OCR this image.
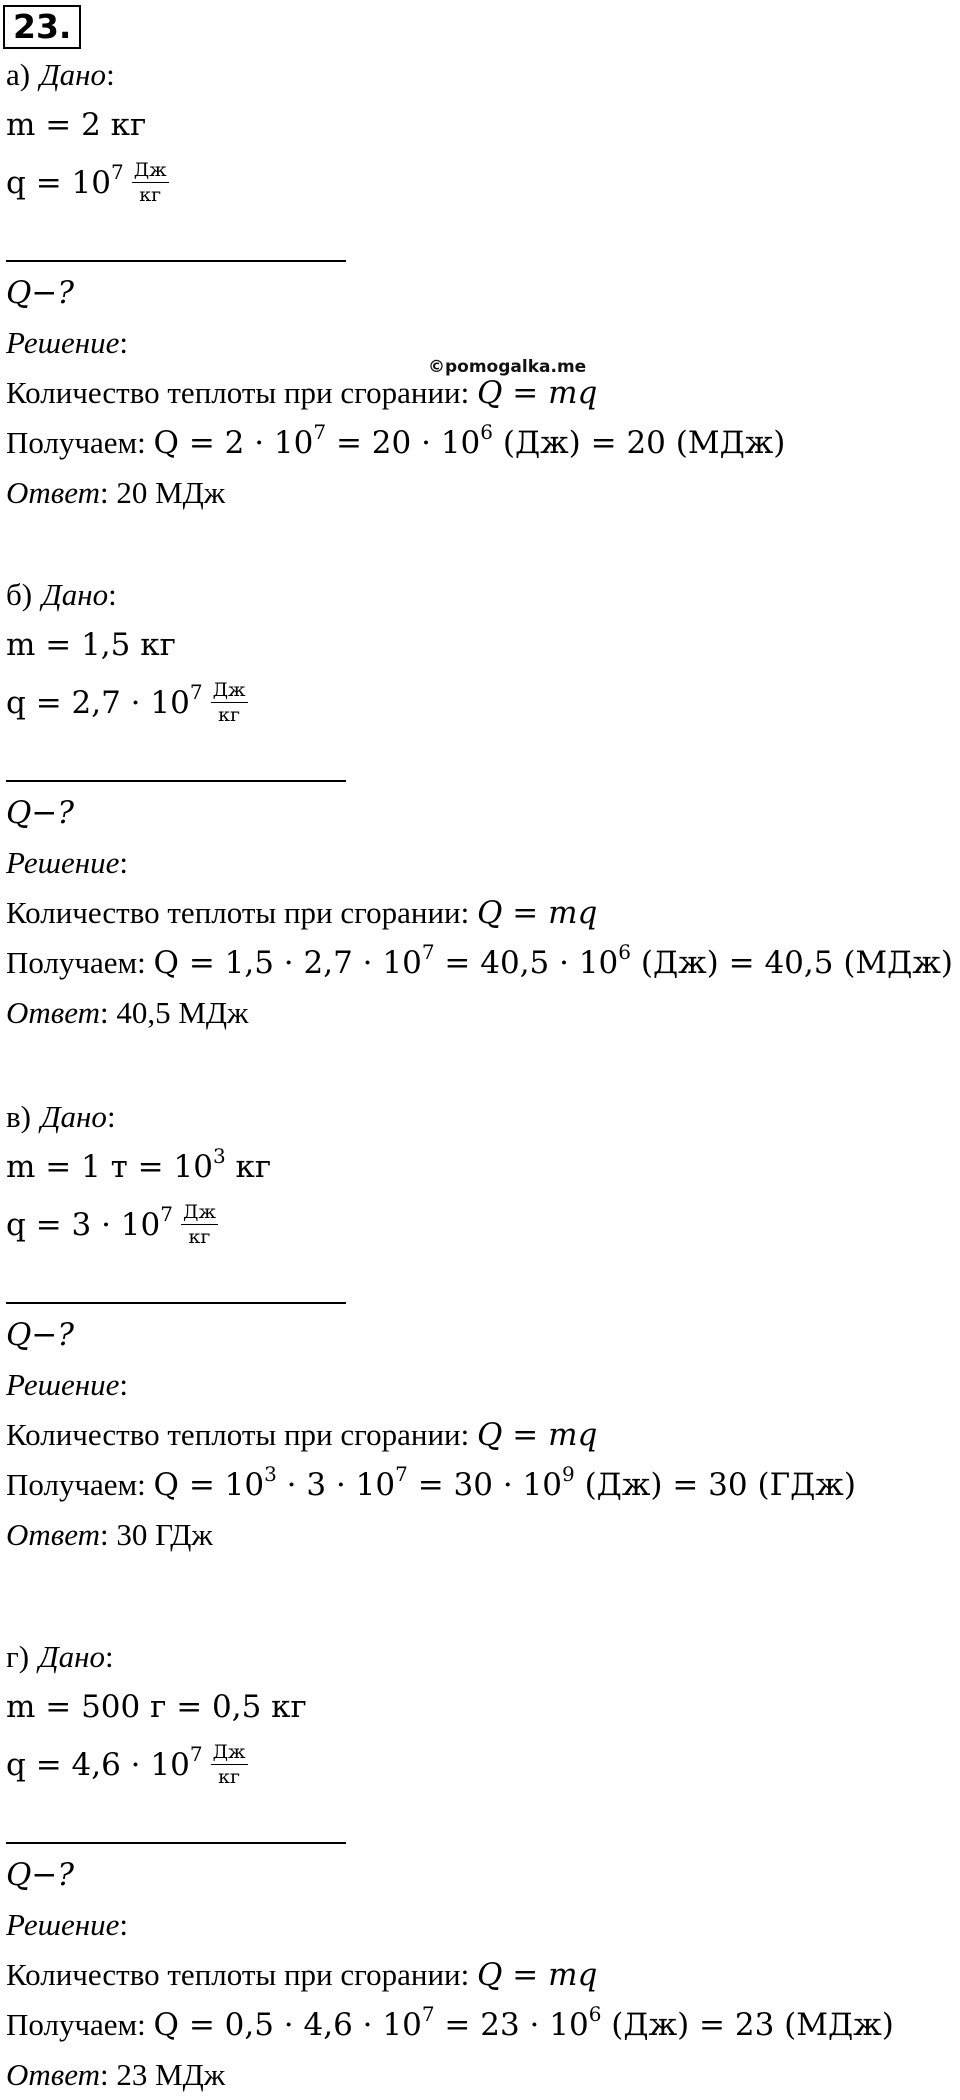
23.
©pomogalka.me
а) Дано:
m = 2 кг
$q = 10^7 \frac{Дж}{кг}$
Q−?
Решение:
Количество теплоты при сгорании: Q = mq
Получаем: $Q = 2 \cdot 10^7 = 20 \cdot 10^6$ (Дж) = 20 (МДж)
Ответ: 20 МДж
б) Дано:
m = 1,5 кг
$q = 2,7 \cdot 10^7 \frac{Дж}{кг}$
Q−?
Решение:
Количество теплоты при сгорании: Q = mq
Получаем: $Q = 1,5 \cdot 2,7 \cdot 10^7 = 40,5 \cdot 10^6$ (Дж) = 40,5 (МДж)
Ответ: 40,5 МДж
в) Дано:
m = 1 $т = 10^3$ кг
$q = 3 \cdot 10^7 \frac{Дж}{кг}$
Q−?
Решение:
Количество теплоты при сгорании: Q = mq
Получаем: $Q = 10^3 \cdot 3 \cdot 10^7 = 30 \cdot 10^9$ (Дж) = 30 (ГДж)
Ответ: 30 ГДж
г) Дано:
m = 500 г = 0,5 кг
$q = 4,6 \cdot 10^7 \frac{Дж}{кг}$
Q−?
Решение:
Количество теплоты при сгорании: Q = mq
Получаем: $Q = 0,5 \cdot 4,6 \cdot 10^7 = 23 \cdot 10^6$ (Дж) = 23 (МДж)
Ответ: 23 МДж
